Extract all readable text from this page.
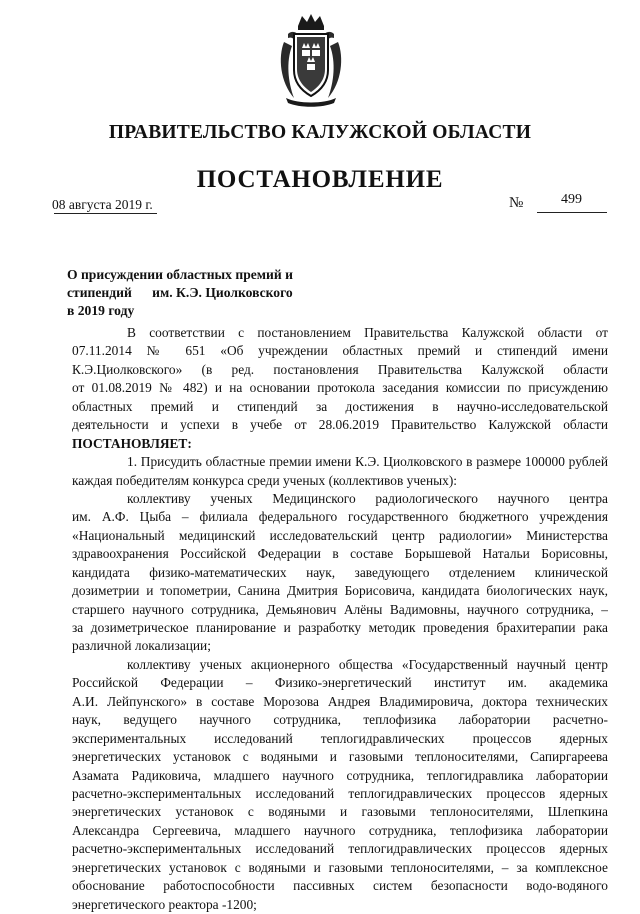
ПРАВИТЕЛЬСТВО КАЛУЖСКОЙ ОБЛАСТИ
ПОСТАНОВЛЕНИЕ
08 августа 2019 г.	№	499
О присуждении областных премий и
стипендий      им. К.Э. Циолковского
в 2019 году
В соответствии с постановлением Правительства Калужской области от
07.11.2014 № 651 «Об учреждении областных премий и стипендий имени
К.Э.Циолковского» (в ред. постановления Правительства Калужской области
от 01.08.2019 № 482) и на основании протокола заседания комиссии по присуждению
областных премий и стипендий за достижения в научно-исследовательской
деятельности и успехи в учебе от 28.06.2019 Правительство Калужской области
ПОСТАНОВЛЯЕТ:
1. Присудить областные премии имени К.Э. Циолковского в размере 100000 рублей
каждая победителям конкурса среди ученых (коллективов ученых):
коллективу ученых Медицинского радиологического научного центра
им. А.Ф. Цыба – филиала федерального государственного бюджетного учреждения
«Национальный медицинский исследовательский центр радиологии» Министерства
здравоохранения Российской Федерации в составе Борышевой Натальи Борисовны,
кандидата физико-математических наук, заведующего отделением клинической
дозиметрии и топометрии, Санина Дмитрия Борисовича, кандидата биологических наук,
старшего научного сотрудника, Демьянович Алёны Вадимовны, научного сотрудника, –
за дозиметрическое планирование и разработку методик проведения брахитерапии рака
различной локализации;
коллективу ученых акционерного общества «Государственный научный центр
Российской Федерации – Физико-энергетический институт им. академика
А.И. Лейпунского» в составе Морозова Андрея Владимировича, доктора технических
наук, ведущего научного сотрудника, теплофизика лаборатории расчетно-
экспериментальных исследований теплогидравлических процессов ядерных
энергетических установок с водяными и газовыми теплоносителями, Сапиргареева
Азамата Радиковича, младшего научного сотрудника, теплогидравлика лаборатории
расчетно-экспериментальных исследований теплогидравлических процессов ядерных
энергетических установок с водяными и газовыми теплоносителями, Шлепкина
Александра Сергеевича, младшего научного сотрудника, теплофизика лаборатории
расчетно-экспериментальных исследований теплогидравлических процессов ядерных
энергетических установок с водяными и газовыми теплоносителями, – за комплексное
обоснование работоспособности пассивных систем безопасности водо-водяного
энергетического реактора -1200;
